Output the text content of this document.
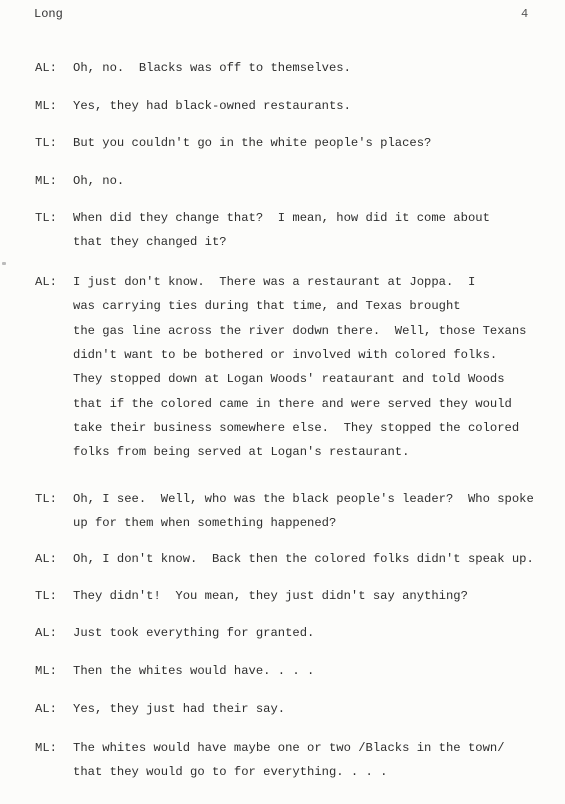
Long	4
AL: Oh, no.  Blacks was off to themselves.
ML: Yes, they had black-owned restaurants.
TL: But you couldn't go in the white people's places?
ML: Oh, no.
TL: When did they change that?  I mean, how did it come about
that they changed it?
AL: I just don't know.  There was a restaurant at Joppa.  I
was carrying ties during that time, and Texas brought
the gas line across the river dodwn there.  Well, those Texans
didn't want to be bothered or involved with colored folks.
They stopped down at Logan Woods' reataurant and told Woods
that if the colored came in there and were served they would
take their business somewhere else.  They stopped the colored
folks from being served at Logan's restaurant.
TL: Oh, I see.  Well, who was the black people's leader?  Who spoke
up for them when something happened?
AL: Oh, I don't know.  Back then the colored folks didn't speak up.
TL: They didn't!  You mean, they just didn't say anything?
AL: Just took everything for granted.
ML: Then the whites would have. . . .
AL: Yes, they just had their say.
ML: The whites would have maybe one or two /Blacks in the town/
that they would go to for everything. . . .
